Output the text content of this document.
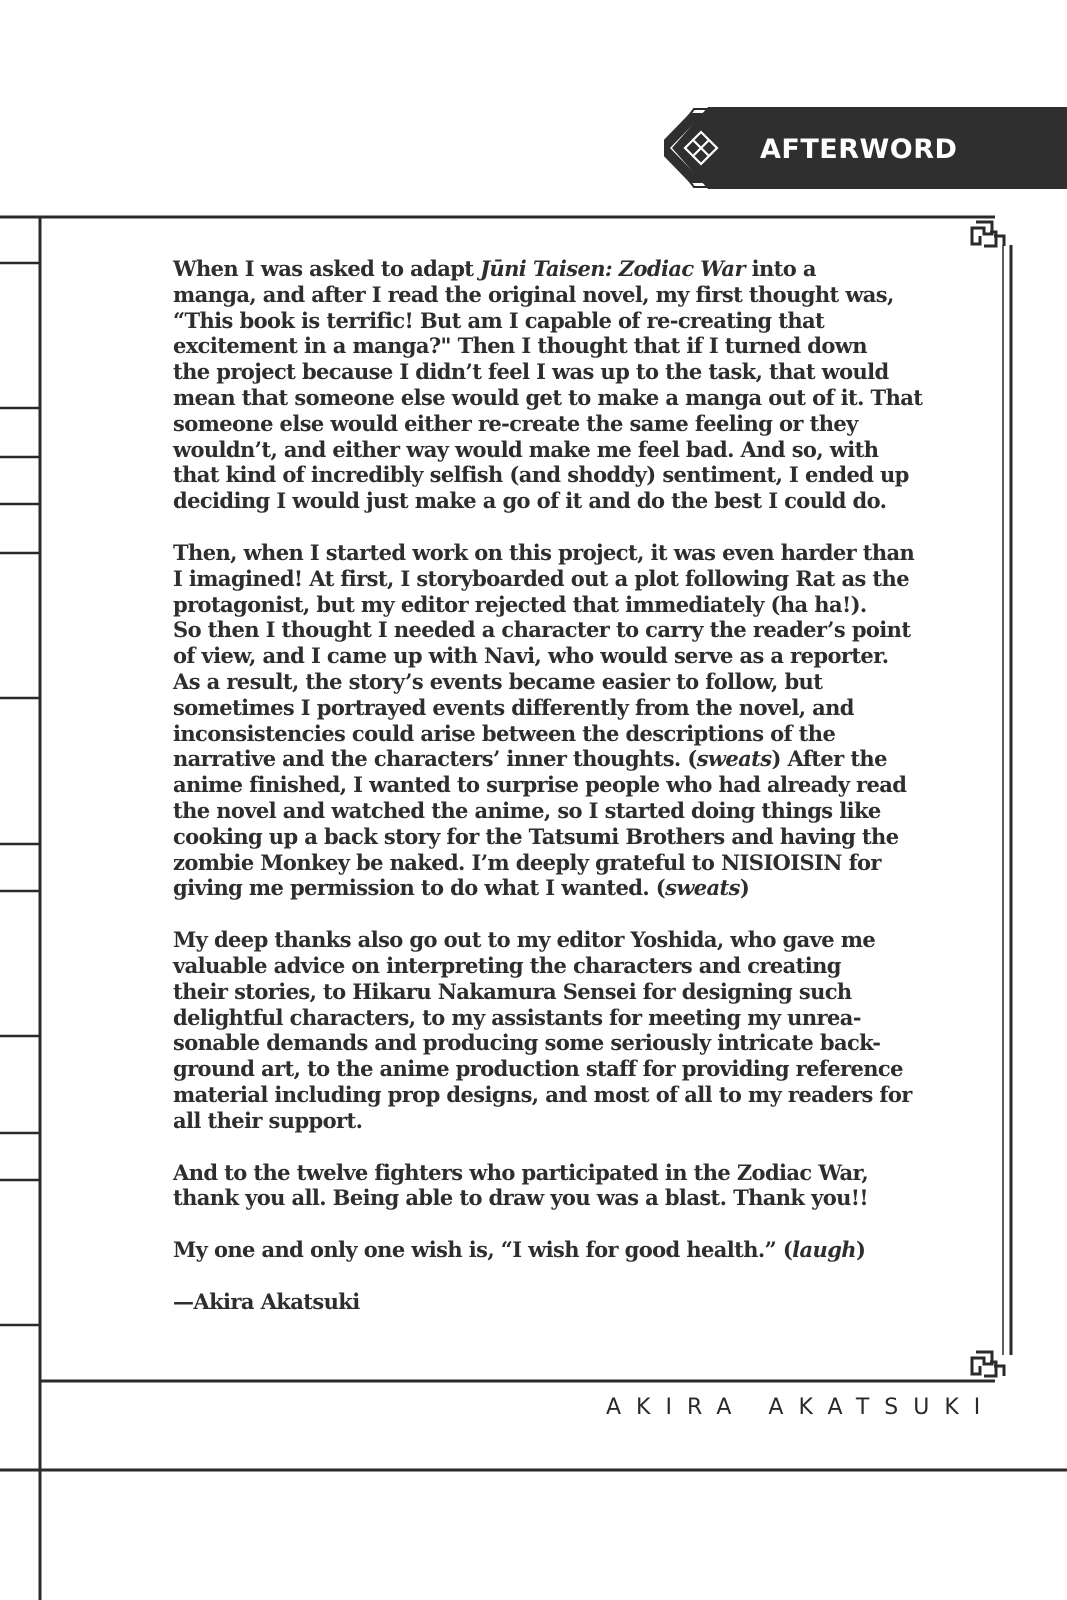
AFTERWORD

When I was asked to adapt Jūni Taisen: Zodiac War into a
manga, and after I read the original novel, my first thought was,
“This book is terrific! But am I capable of re-creating that
excitement in a manga?" Then I thought that if I turned down
the project because I didn’t feel I was up to the task, that would
mean that someone else would get to make a manga out of it. That
someone else would either re-create the same feeling or they
wouldn’t, and either way would make me feel bad. And so, with
that kind of incredibly selfish (and shoddy) sentiment, I ended up
deciding I would just make a go of it and do the best I could do.

Then, when I started work on this project, it was even harder than
I imagined! At first, I storyboarded out a plot following Rat as the
protagonist, but my editor rejected that immediately (ha ha!).
So then I thought I needed a character to carry the reader’s point
of view, and I came up with Navi, who would serve as a reporter.
As a result, the story’s events became easier to follow, but
sometimes I portrayed events differently from the novel, and
inconsistencies could arise between the descriptions of the
narrative and the characters’ inner thoughts. (sweats) After the
anime finished, I wanted to surprise people who had already read
the novel and watched the anime, so I started doing things like
cooking up a back story for the Tatsumi Brothers and having the
zombie Monkey be naked. I’m deeply grateful to NISIOISIN for
giving me permission to do what I wanted. (sweats)

My deep thanks also go out to my editor Yoshida, who gave me
valuable advice on interpreting the characters and creating
their stories, to Hikaru Nakamura Sensei for designing such
delightful characters, to my assistants for meeting my unrea-
sonable demands and producing some seriously intricate back-
ground art, to the anime production staff for providing reference
material including prop designs, and most of all to my readers for
all their support.

And to the twelve fighters who participated in the Zodiac War,
thank you all. Being able to draw you was a blast. Thank you!!

My one and only one wish is, “I wish for good health.” (laugh)

—Akira Akatsuki

AKIRA AKATSUKI
